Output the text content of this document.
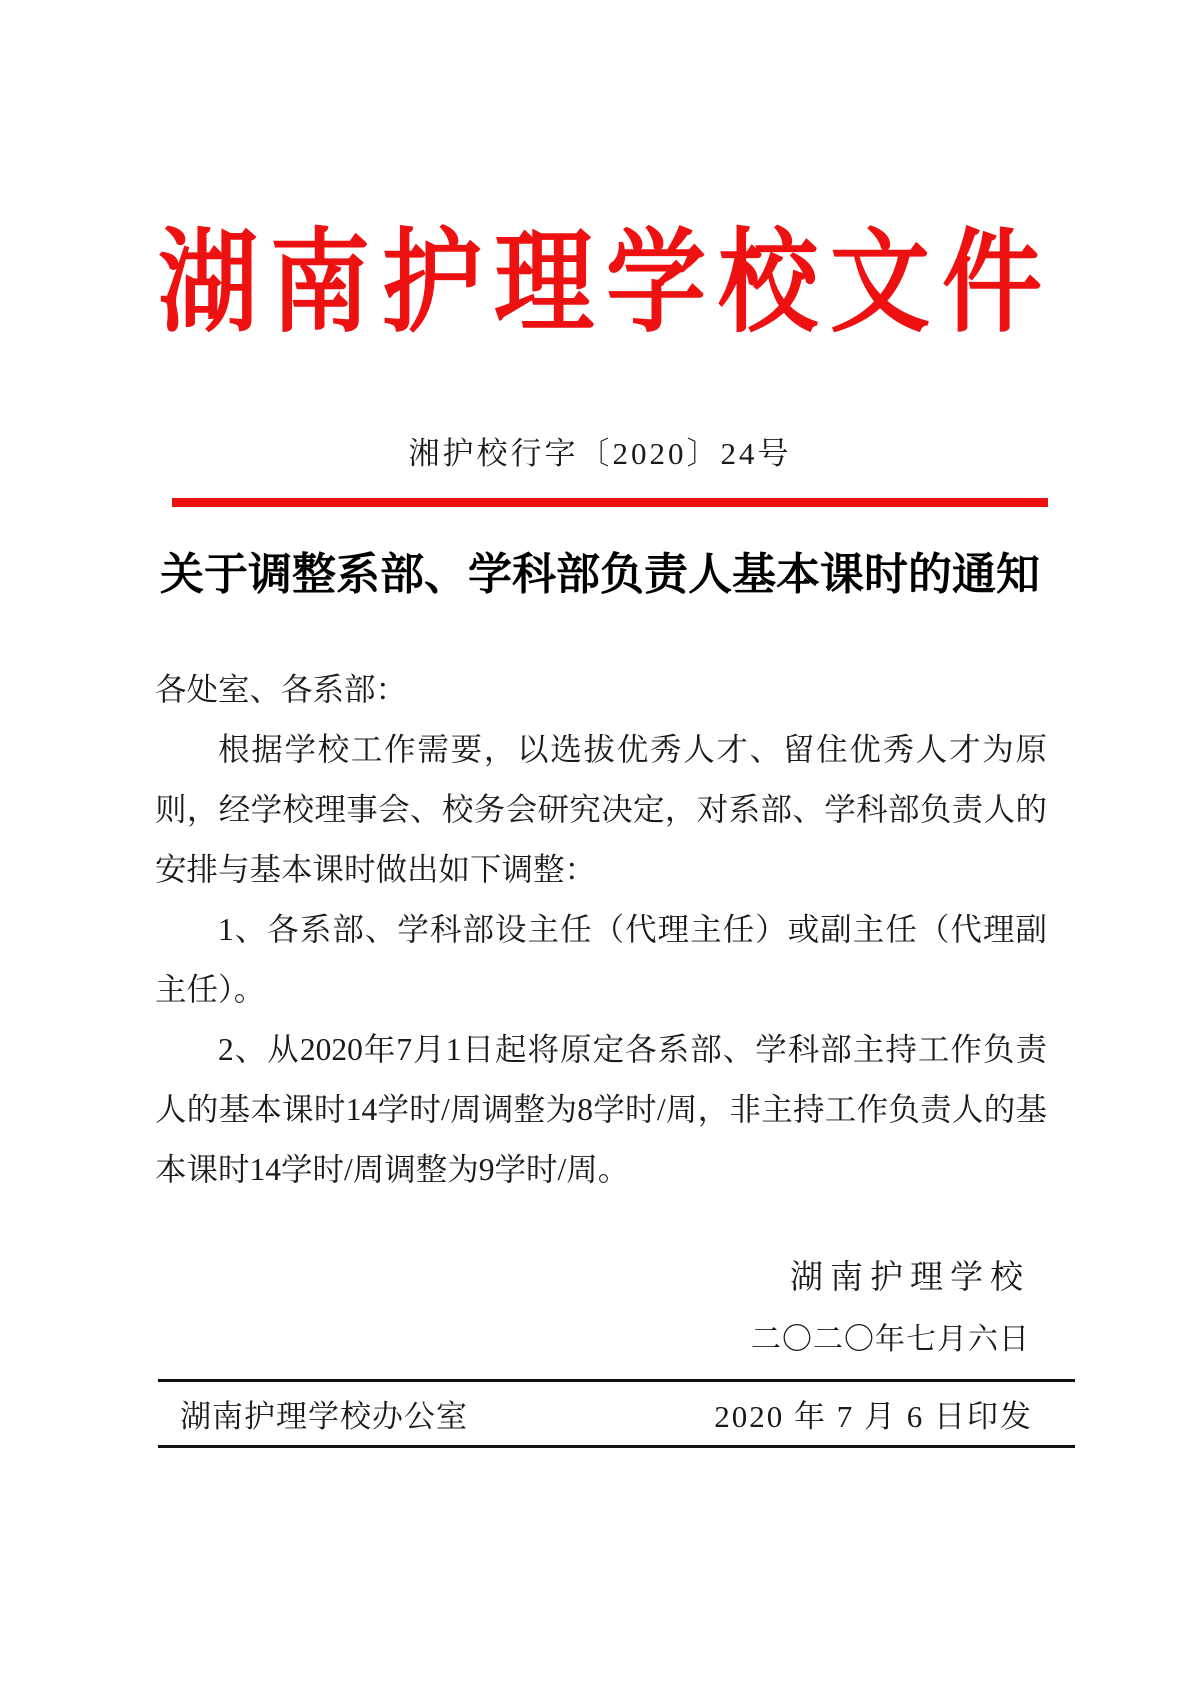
湖南护理学校文件
湘护校行字〔2020〕24号
关于调整系部、学科部负责人基本课时的通知

各处室、各系部：

根据学校工作需要，以选拔优秀人才、留住优秀人才为原则，经学校理事会、校务会研究决定，对系部、学科部负责人的安排与基本课时做出如下调整：

1、各系部、学科部设主任（代理主任）或副主任（代理副主任）。

2、从2020年7月1日起将原定各系部、学科部主持工作负责人的基本课时14学时/周调整为8学时/周，非主持工作负责人的基本课时14学时/周调整为9学时/周。

湖南护理学校
二〇二〇年七月六日
湖南护理学校办公室	2020 年 7 月 6 日印发
